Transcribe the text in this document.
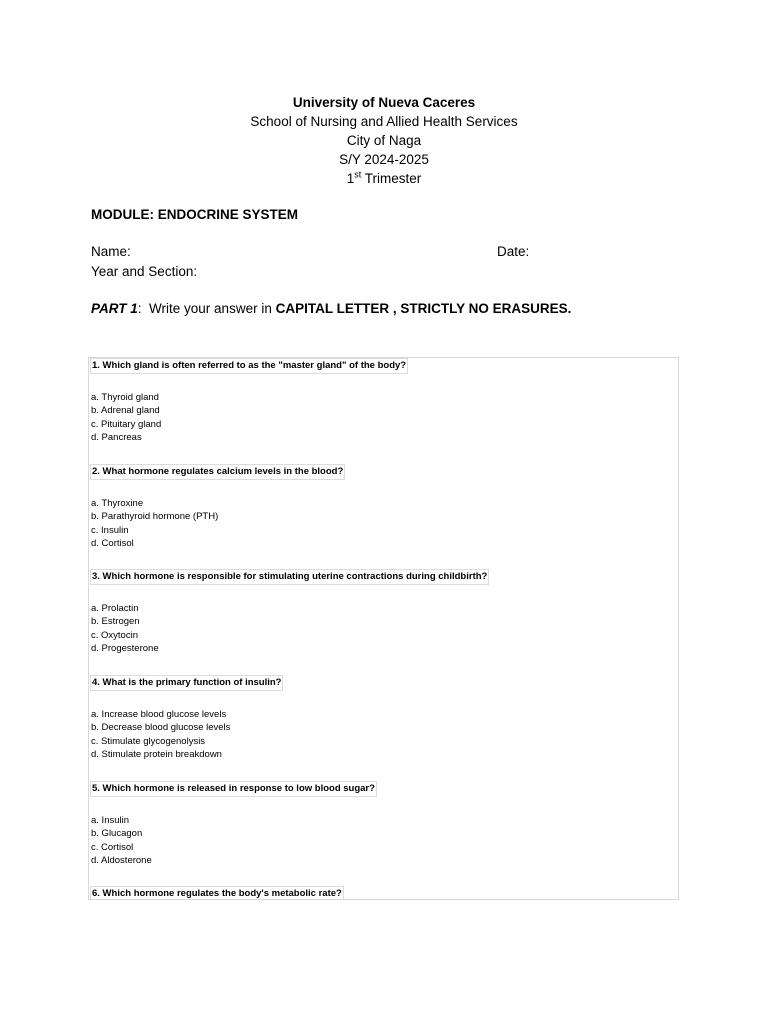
University of Nueva Caceres
School of Nursing and Allied Health Services
City of Naga
S/Y 2024-2025
1st Trimester
MODULE: ENDOCRINE SYSTEM
Name:	Date:
Year and Section:
PART 1:  Write your answer in CAPITAL LETTER , STRICTLY NO ERASURES.
1. Which gland is often referred to as the "master gland" of the body?
a. Thyroid gland
b. Adrenal gland
c. Pituitary gland
d. Pancreas
2. What hormone regulates calcium levels in the blood?
a. Thyroxine
b. Parathyroid hormone (PTH)
c. Insulin
d. Cortisol
3. Which hormone is responsible for stimulating uterine contractions during childbirth?
a. Prolactin
b. Estrogen
c. Oxytocin
d. Progesterone
4. What is the primary function of insulin?
a. Increase blood glucose levels
b. Decrease blood glucose levels
c. Stimulate glycogenolysis
d. Stimulate protein breakdown
5. Which hormone is released in response to low blood sugar?
a. Insulin
b. Glucagon
c. Cortisol
d. Aldosterone
6. Which hormone regulates the body's metabolic rate?
